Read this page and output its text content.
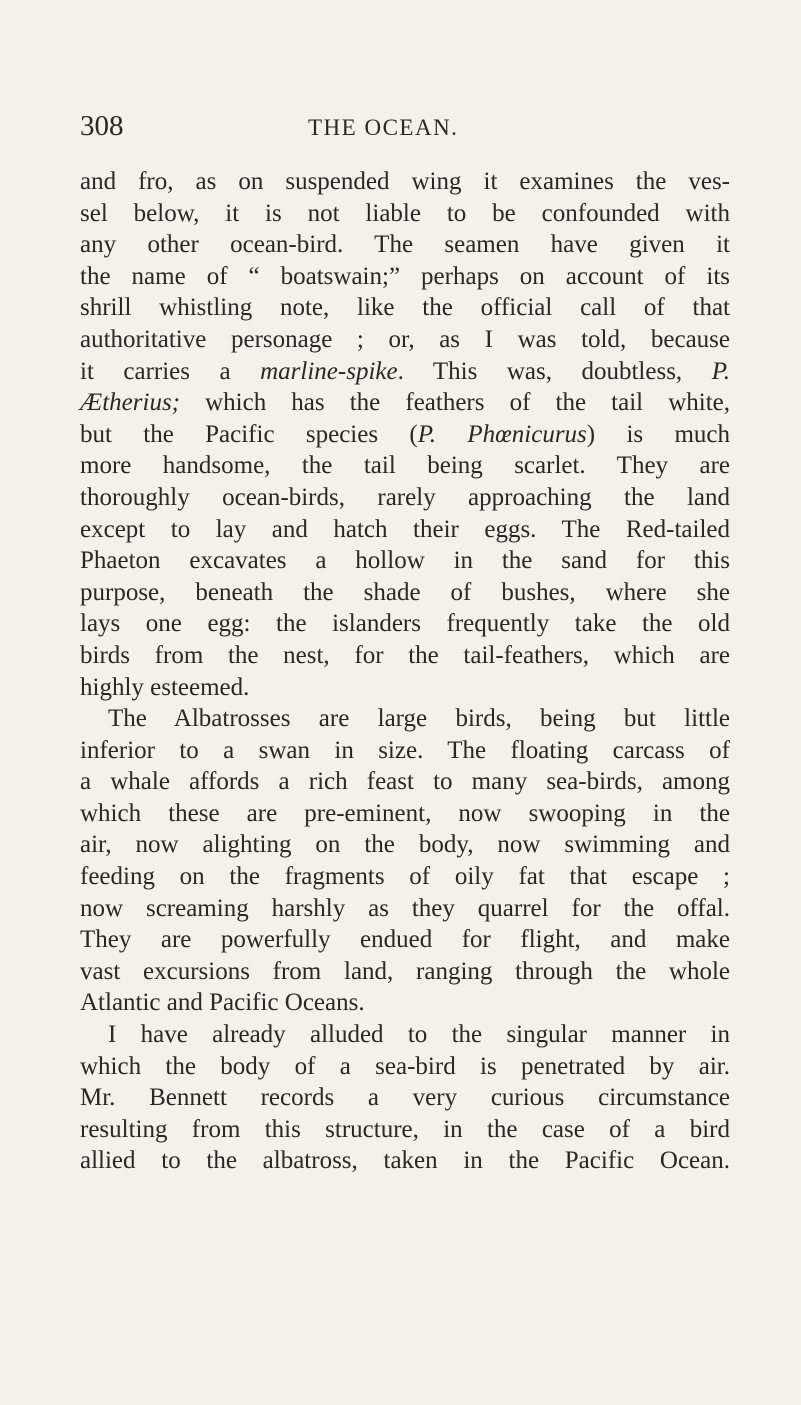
308	THE OCEAN.
and fro, as on suspended wing it examines the ves-
sel below, it is not liable to be confounded with
any other ocean-bird. The seamen have given it
the name of “ boatswain;” perhaps on account of its
shrill whistling note, like the official call of that
authoritative personage ; or, as I was told, because
it carries a marline-spike. This was, doubtless, P.
Ætherius; which has the feathers of the tail white,
but the Pacific species (P. Phœnicurus) is much
more handsome, the tail being scarlet. They are
thoroughly ocean-birds, rarely approaching the land
except to lay and hatch their eggs. The Red-tailed
Phaeton excavates a hollow in the sand for this
purpose, beneath the shade of bushes, where she
lays one egg: the islanders frequently take the old
birds from the nest, for the tail-feathers, which are
highly esteemed.
The Albatrosses are large birds, being but little
inferior to a swan in size. The floating carcass of
a whale affords a rich feast to many sea-birds, among
which these are pre-eminent, now swooping in the
air, now alighting on the body, now swimming and
feeding on the fragments of oily fat that escape ;
now screaming harshly as they quarrel for the offal.
They are powerfully endued for flight, and make
vast excursions from land, ranging through the whole
Atlantic and Pacific Oceans.
I have already alluded to the singular manner in
which the body of a sea-bird is penetrated by air.
Mr. Bennett records a very curious circumstance
resulting from this structure, in the case of a bird
allied to the albatross, taken in the Pacific Ocean.
